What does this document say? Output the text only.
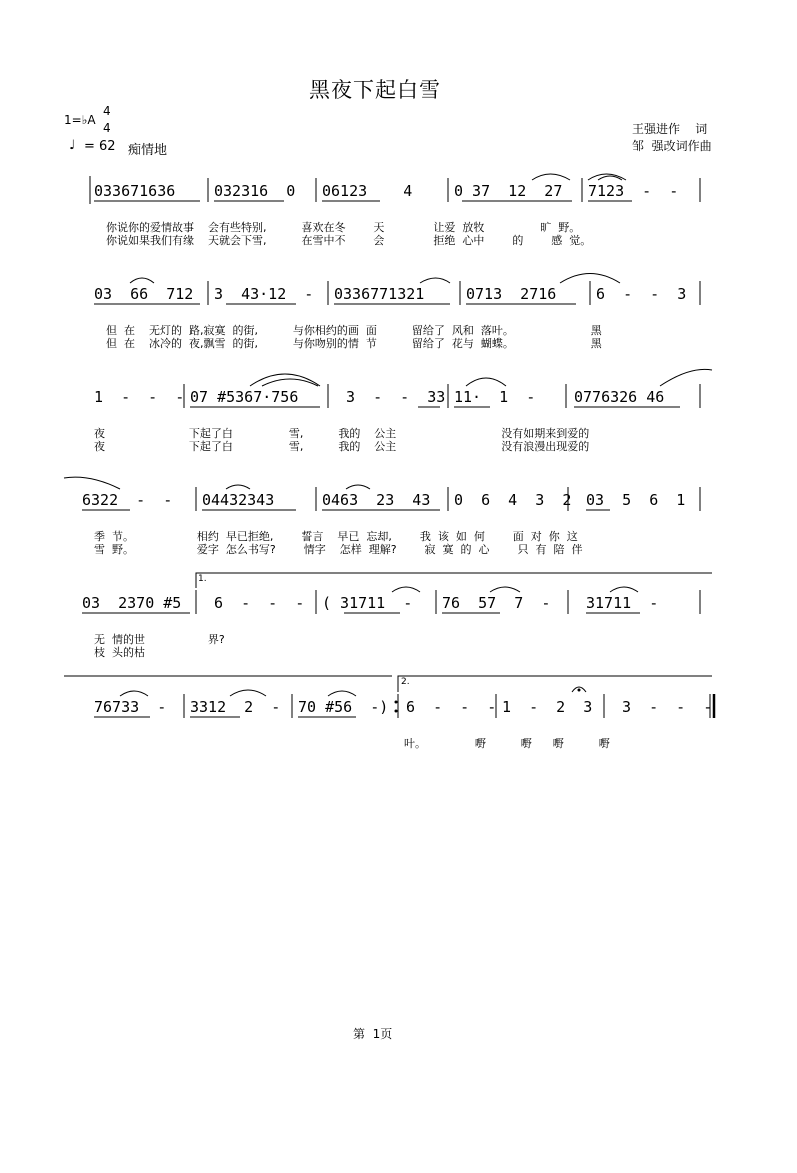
黑夜下起白雪
1=♭A
4
4
♩ = 62 痴情地
王强进作    词
邹  强改词作曲
033671636	032316  0 06123    4	0 37  12  27 7123  -  -
你说你的爱情故事    会有些特别,          喜欢在冬        天              让爱  放牧                旷  野。
你说如果我们有缘    天就会下雪,          在雪中不        会              拒绝  心中        的        感  觉。
03  66  712 3  43·12  - 0336771321	0713  2716	6  -  -  3
但  在    无灯的  路,寂寞  的街,          与你相约的画  面          留给了  风和  落叶。                      黑
但  在    冰冷的  夜,飘雪  的街,          与你吻别的情  节          留给了  花与  蝴蝶。                      黑
1  -  -  - 07 #5367·756	3  -  -  33 11·  1  -	0776326 46
夜                        下起了白                雪,          我的    公主                              没有如期来到爱的
夜                        下起了白                雪,          我的    公主                              没有浪漫出现爱的
6322  -  - 04432343	0463  23  43 0  6  4  3  2 03  5  6  1
季  节。                  相约  早已拒绝,        誓言    早已  忘却,        我  该  如  何        面  对  你  这
雪  野。                  爱字  怎么书写?        情字    怎样  理解?        寂  寞  的  心        只  有  陪  伴
03  2370 #5
1.
6  -  -  - ( 31711  - 76  57  7  - 31711  -
无  情的世                  界?
枝  头的枯
76733  - 3312  2  - 70 #56  -)
2.
6  -  -  - 1  -  2  3 3  -  -  -
叶。              嘢          嘢      嘢          嘢
第  1页
